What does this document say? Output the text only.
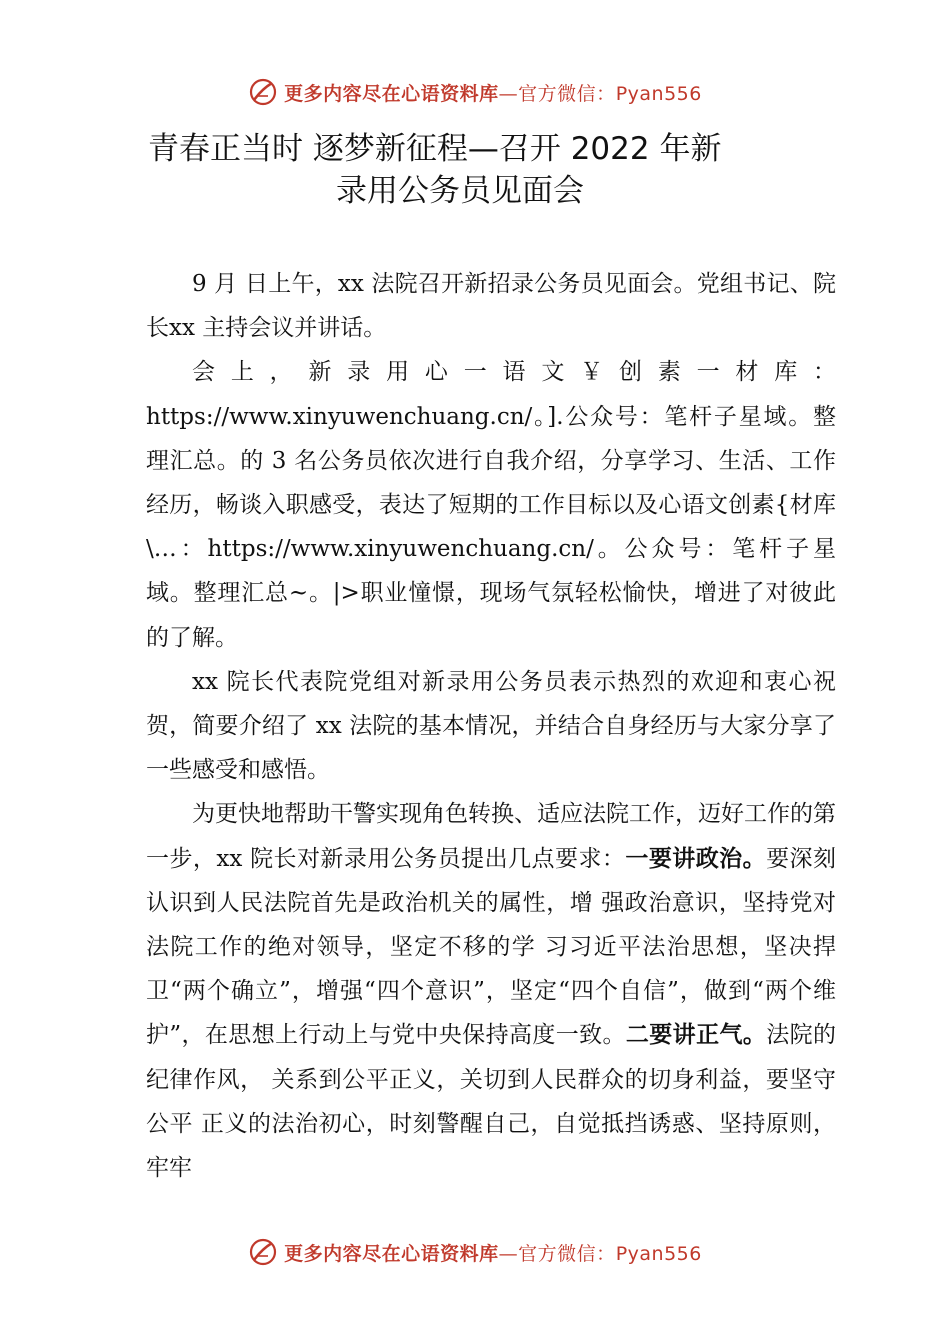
更多内容尽在心语资料库—官方微信：Pyan556
青春正当时 逐梦新征程—召开 2022 年新
录用公务员见面会

9 月 日上午，xx 法院召开新招录公务员见面会。党组书记、院长xx 主持会议并讲话。

会上，新录用心一语文￥创素一材库：https://www.xinyuwenchuang.cn/。].公众号：笔杆子星域。整理汇总。的 3 名公务员依次进行自我介绍，分享学习、生活、工作经历，畅谈入职感受，表达了短期的工作目标以及心语文创素{材库\…：https://www.xinyuwenchuang.cn/。公众号：笔杆子星域。整理汇总~。|>职业憧憬，现场气氛轻松愉快，增进了对彼此的了解。

xx 院长代表院党组对新录用公务员表示热烈的欢迎和衷心祝贺，简要介绍了 xx 法院的基本情况，并结合自身经历与大家分享了一些感受和感悟。

为更快地帮助干警实现角色转换、适应法院工作，迈好工作的第一步，xx 院长对新录用公务员提出几点要求：一要讲政治。要深刻认识到人民法院首先是政治机关的属性，增 强政治意识，坚持党对法院工作的绝对领导，坚定不移的学 习习近平法治思想，坚决捍卫“两个确立”，增强“四个意识”，坚定“四个自信”，做到“两个维护”，在思想上行动上与党中央保持高度一致。二要讲正气。法院的纪律作风， 关系到公平正义，关切到人民群众的切身利益，要坚守公平 正义的法治初心，时刻警醒自己，自觉抵挡诱惑、坚持原则， 牢牢

更多内容尽在心语资料库—官方微信：Pyan556
